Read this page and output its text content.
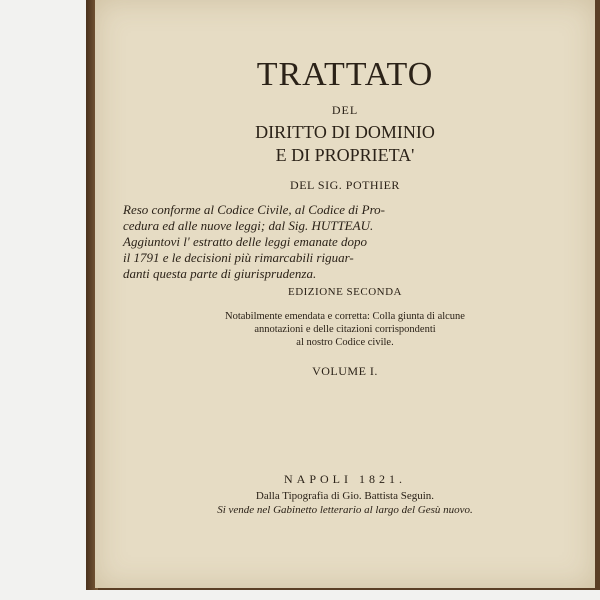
TRATTATO
DEL
DIRITTO DI DOMINIO
E DI PROPRIETA'
DEL SIG. POTHIER
Reso conforme al Codice Civile, al Codice di Pro-
cedura ed alle nuove leggi; dal Sig. HUTTEAU.
Aggiuntovi l' estratto delle leggi emanate dopo
il 1791 e le decisioni più rimarcabili riguar-
danti questa parte di giurisprudenza.
EDIZIONE SECONDA
Notabilmente emendata e corretta: Colla giunta di alcune
annotazioni e delle citazioni corrispondenti
al nostro Codice civile.
VOLUME I.
NAPOLI 1821.
Dalla Tipografia di Gio. Battista Seguin.
Si vende nel Gabinetto letterario al largo del Gesù nuovo.
